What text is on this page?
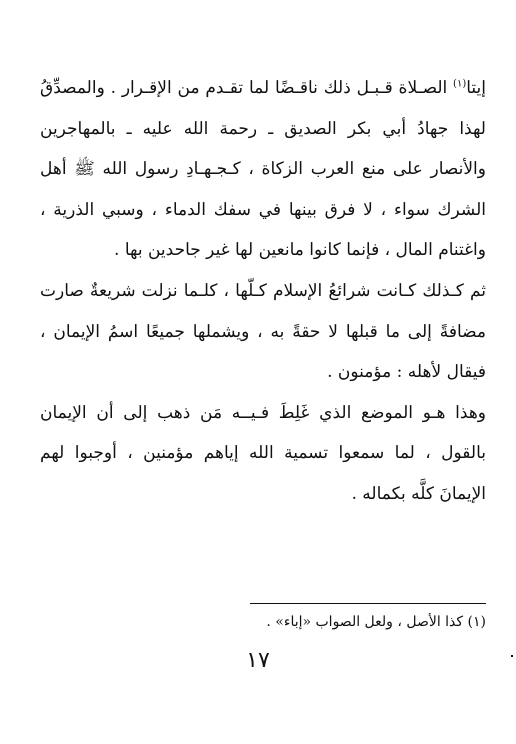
إيتا$^{(١)}$ الصـلاة قـبـل ذلك ناقـضًا لما تقـدم من الإقـرار . والمصدِّقُ لهذا جهادُ أبي بكر الصديق ـ رحمة الله عليه ـ بالمهاجرين والأنصار على منع العرب الزكاة ، كـجـهـادِ رسول الله ﷺ أهل الشرك سواء ، لا فرق بينها في سفك الدماء ، وسبي الذرية ، واغتنام المال ، فإنما كانوا مانعين لها غير جاحدين بها .

ثم كـذلك كـانت شرائعُ الإسلام كـلّها ، كلـما نزلت شريعةٌ صارت مضافةً إلى ما قبلها لا حقةً به ، ويشملها جميعًا اسمُ الإيمان ، فيقال لأهله : مؤمنون .

وهذا هـو الموضع الذي غَلِطَ فـيــه مَن ذهب إلى أن الإيمان بالقول ، لما سمعوا تسمية الله إياهم مؤمنين ، أوجبوا لهم الإيمانَ كلَّه بكماله .

(١) كذا الأصل ، ولعل الصواب «إباء» .

١٧
